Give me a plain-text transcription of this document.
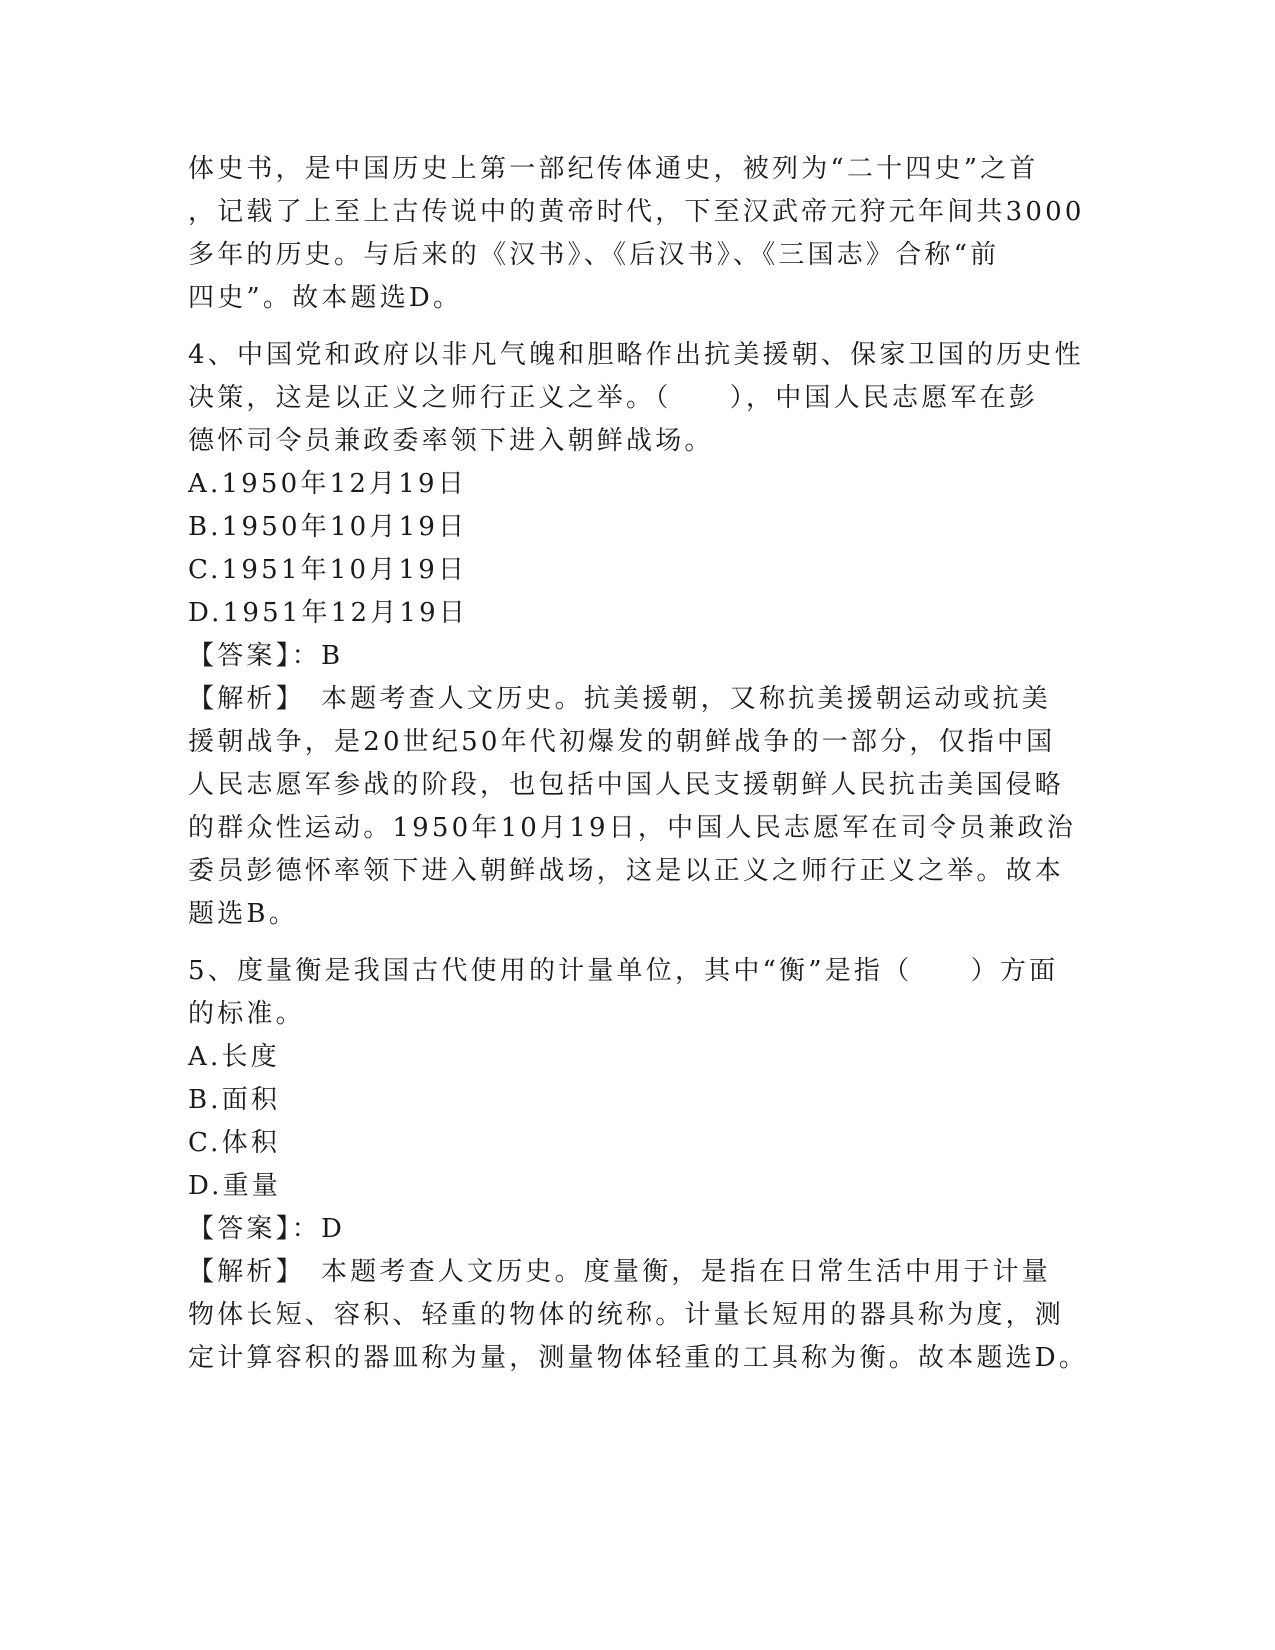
体史书，是中国历史上第一部纪传体通史，被列为“二十四史”之首
，记载了上至上古传说中的黄帝时代，下至汉武帝元狩元年间共3000
多年的历史。与后来的《汉书》、《后汉书》、《三国志》合称“前
四史”。故本题选D。
4、中国党和政府以非凡气魄和胆略作出抗美援朝、保家卫国的历史性
决策，这是以正义之师行正义之举。（　　），中国人民志愿军在彭
德怀司令员兼政委率领下进入朝鲜战场。
A.1950年12月19日
B.1950年10月19日
C.1951年10月19日
D.1951年12月19日
【答案】：B
【解析】　本题考查人文历史。抗美援朝，又称抗美援朝运动或抗美
援朝战争，是20世纪50年代初爆发的朝鲜战争的一部分，仅指中国
人民志愿军参战的阶段，也包括中国人民支援朝鲜人民抗击美国侵略
的群众性运动。1950年10月19日，中国人民志愿军在司令员兼政治
委员彭德怀率领下进入朝鲜战场，这是以正义之师行正义之举。故本
题选B。
5、度量衡是我国古代使用的计量单位，其中“衡”是指（　　）方面
的标准。
A.长度
B.面积
C.体积
D.重量
【答案】：D
【解析】　本题考查人文历史。度量衡，是指在日常生活中用于计量
物体长短、容积、轻重的物体的统称。计量长短用的器具称为度，测
定计算容积的器皿称为量，测量物体轻重的工具称为衡。故本题选D。
